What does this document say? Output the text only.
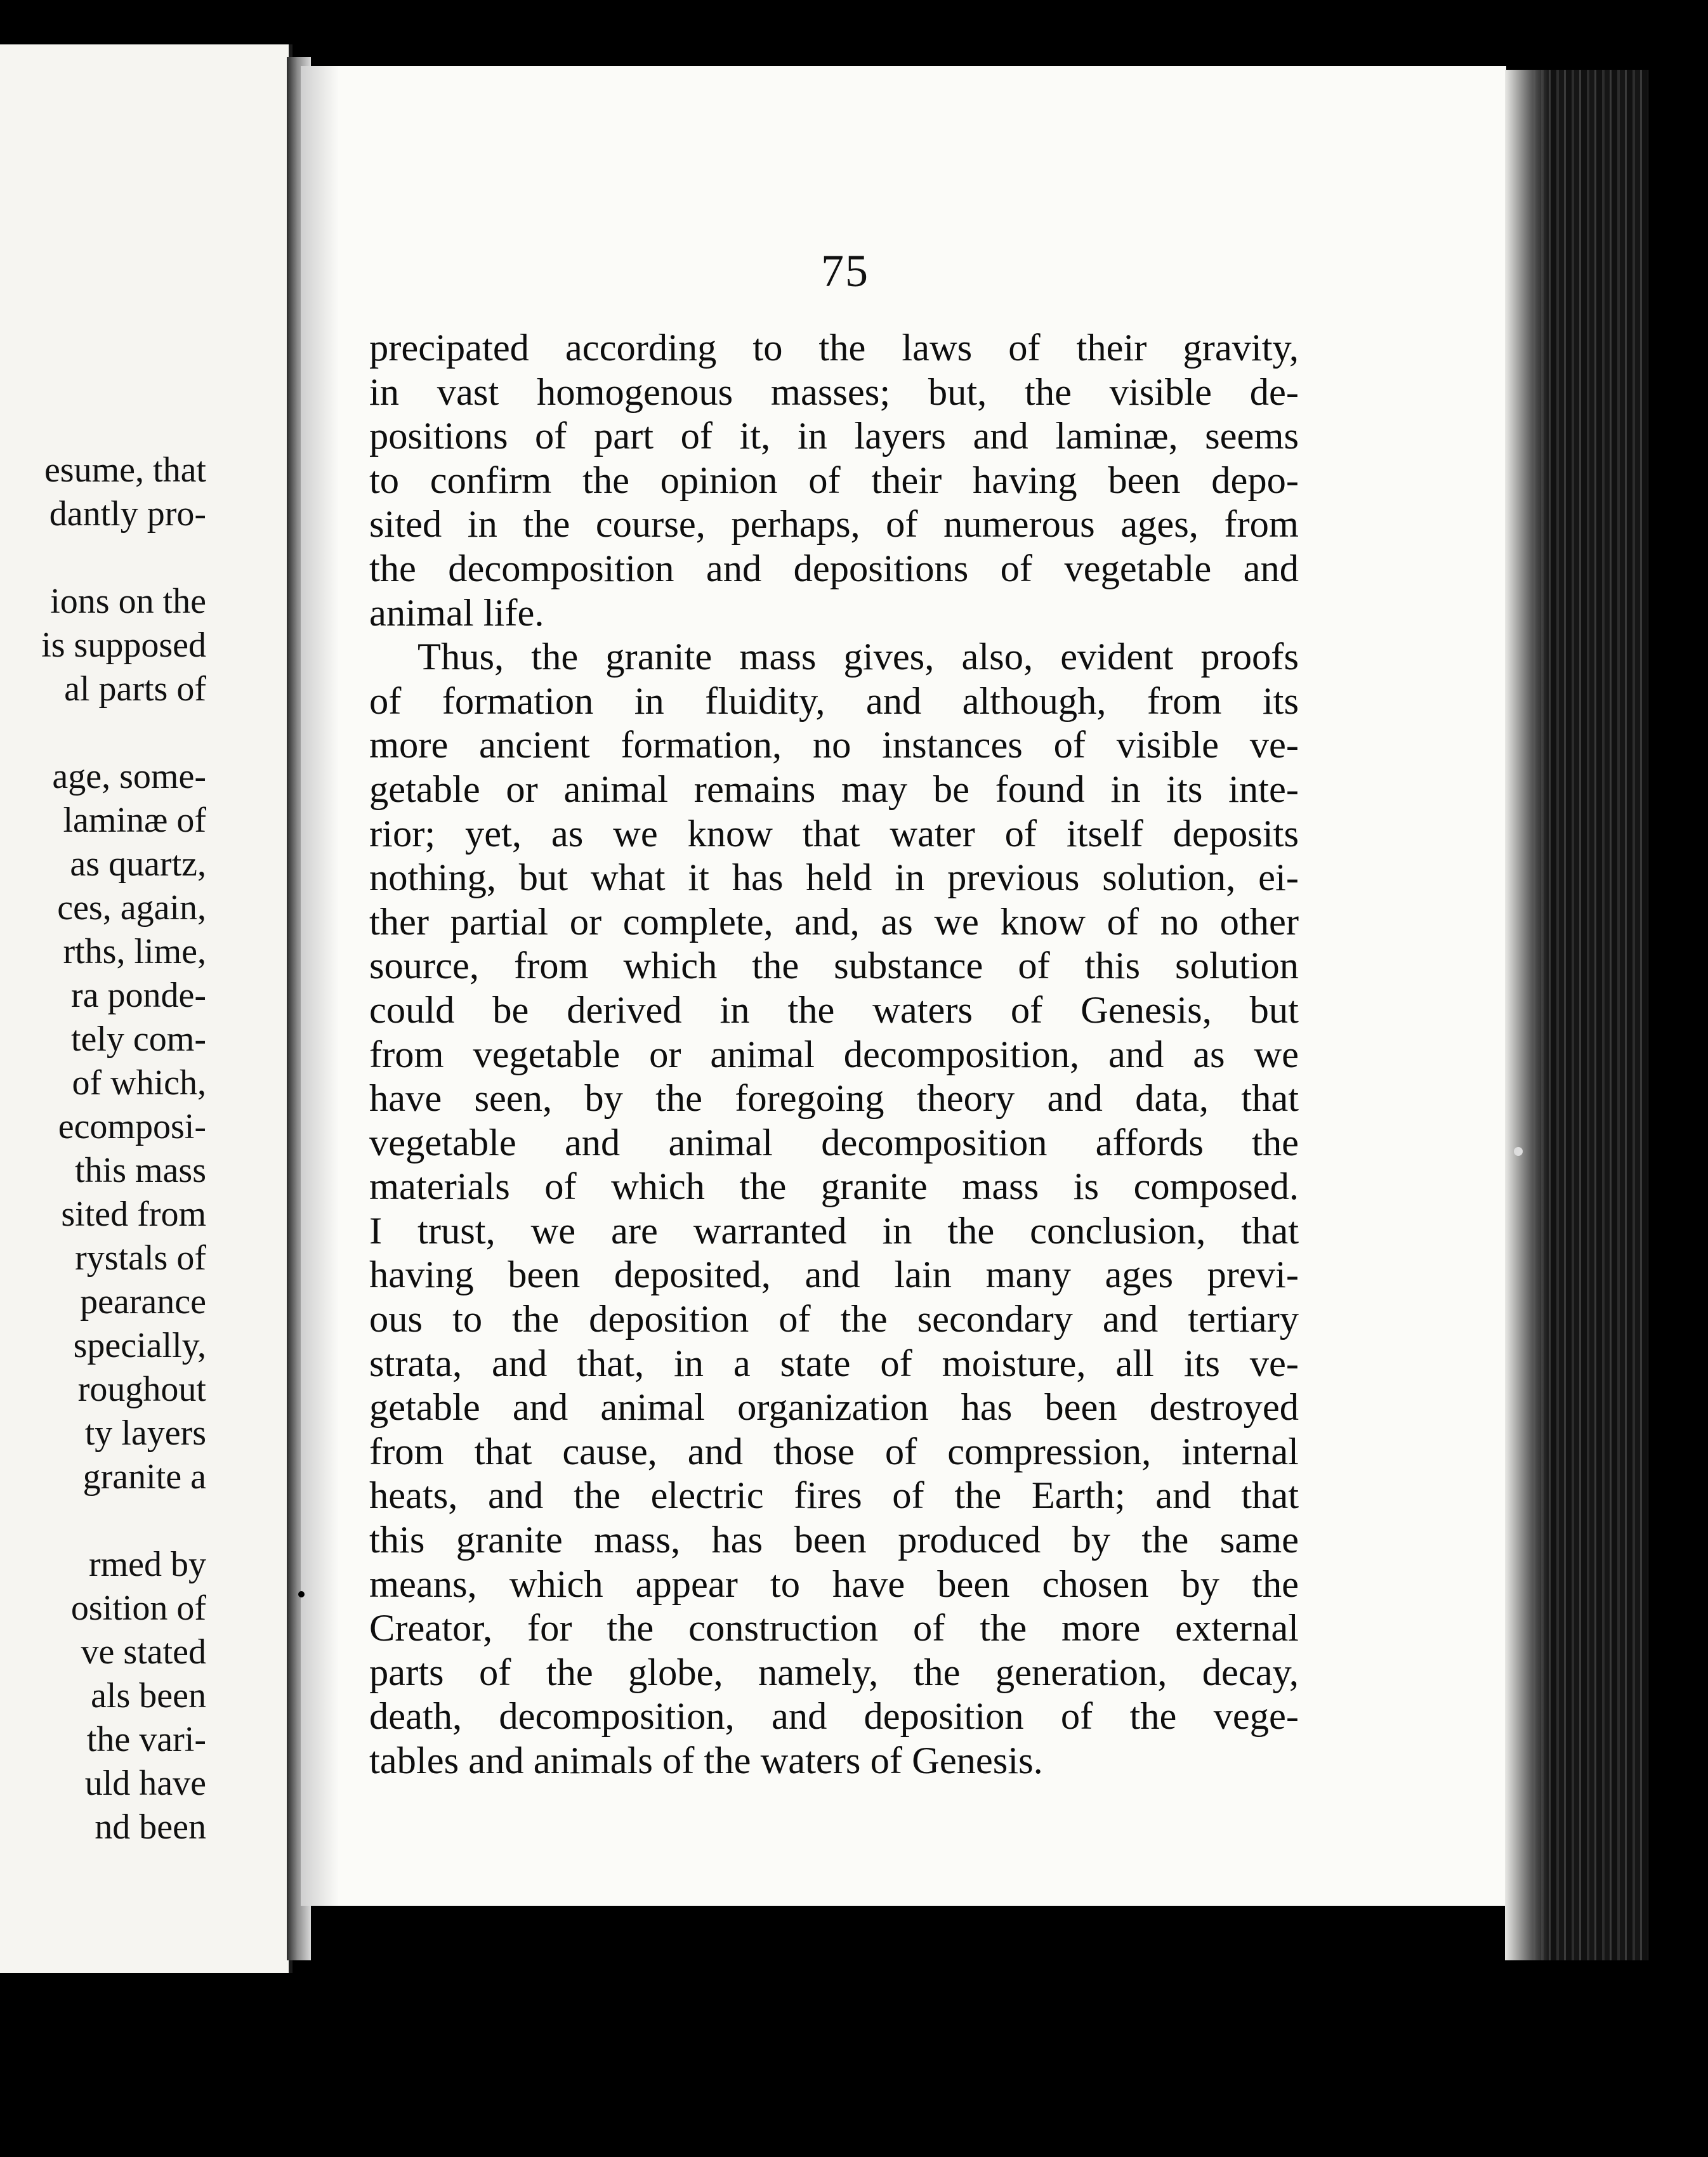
esume, that
dantly pro-
ions on the
is supposed
al parts of
age, some-
laminæ of
as quartz,
ces, again,
rths, lime,
ra ponde-
tely com-
of which,
ecomposi-
this mass
sited from
rystals of
pearance
specially,
roughout
ty layers
granite a
rmed by
osition of
ve stated
als been
the vari-
uld have
nd been
75
precipated according to the laws of their gravity,
in vast homogenous masses; but, the visible de-
positions of part of it, in layers and laminæ, seems
to confirm the opinion of their having been depo-
sited in the course, perhaps, of numerous ages, from
the decomposition and depositions of vegetable and
animal life.
Thus, the granite mass gives, also, evident proofs
of formation in fluidity, and although, from its
more ancient formation, no instances of visible ve-
getable or animal remains may be found in its inte-
rior; yet, as we know that water of itself deposits
nothing, but what it has held in previous solution, ei-
ther partial or complete, and, as we know of no other
source, from which the substance of this solution
could be derived in the waters of Genesis, but
from vegetable or animal decomposition, and as we
have seen, by the foregoing theory and data, that
vegetable and animal decomposition affords the
materials of which the granite mass is composed.
I trust, we are warranted in the conclusion, that
having been deposited, and lain many ages previ-
ous to the deposition of the secondary and tertiary
strata, and that, in a state of moisture, all its ve-
getable and animal organization has been destroyed
from that cause, and those of compression, internal
heats, and the electric fires of the Earth; and that
this granite mass, has been produced by the same
means, which appear to have been chosen by the
Creator, for the construction of the more external
parts of the globe, namely, the generation, decay,
death, decomposition, and deposition of the vege-
tables and animals of the waters of Genesis.
